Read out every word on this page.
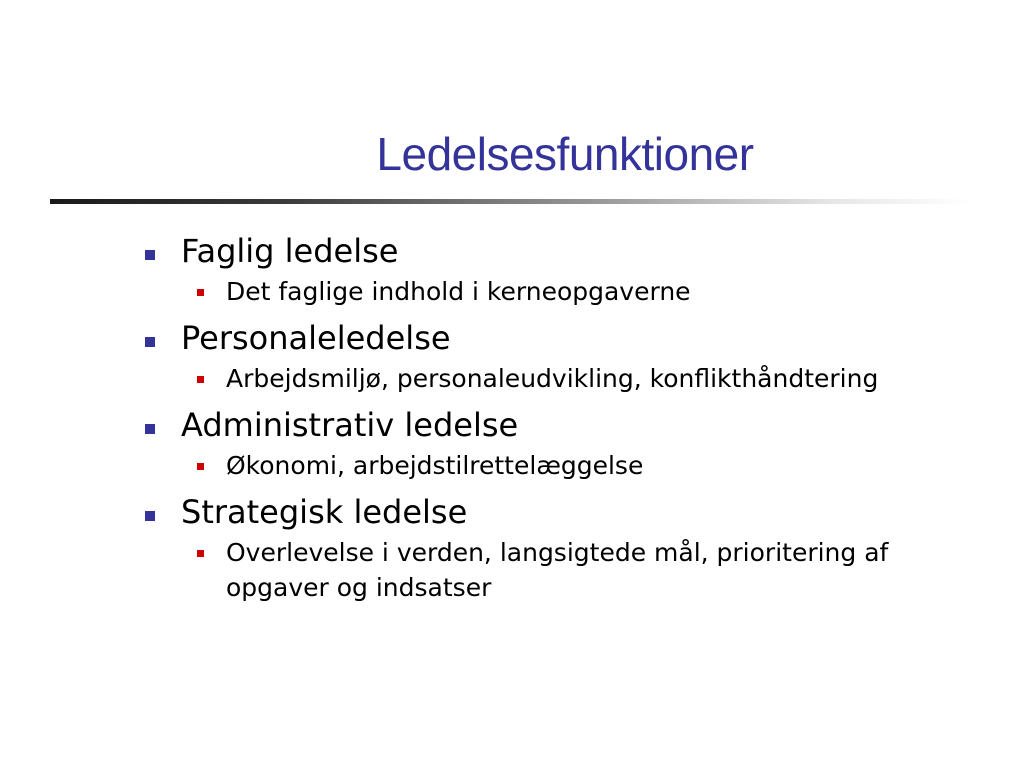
Ledelsesfunktioner
Faglig ledelse
Det faglige indhold i kerneopgaverne
Personaleledelse
Arbejdsmiljø, personaleudvikling, konflikthåndtering
Administrativ ledelse
Økonomi, arbejdstilrettelæggelse
Strategisk ledelse
Overlevelse i verden, langsigtede mål, prioritering af opgaver og indsatser
